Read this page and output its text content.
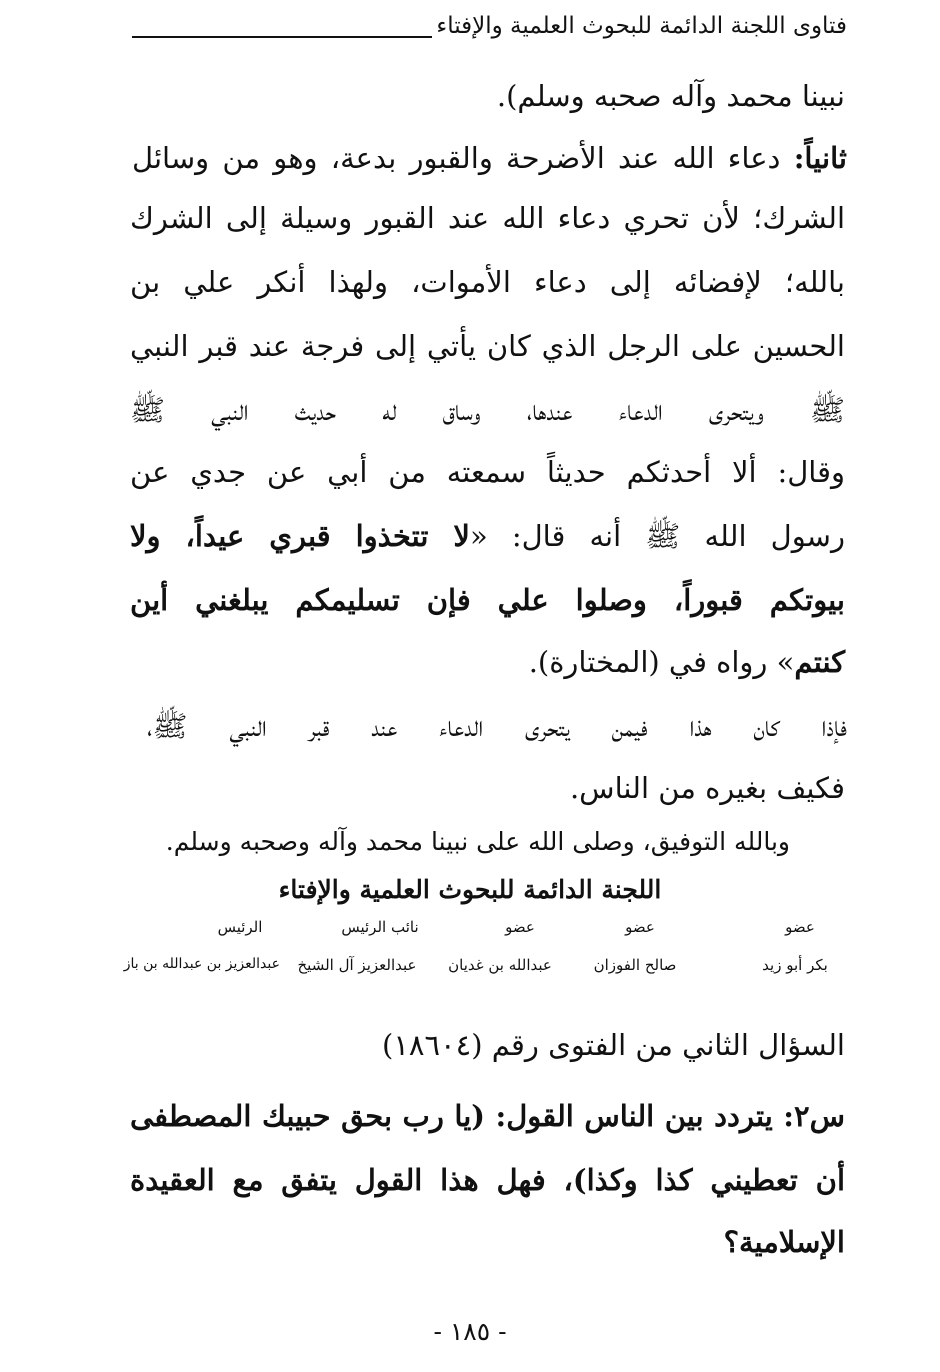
فتاوى اللجنة الدائمة للبحوث العلمية والإفتاء
نبينا محمد وآله صحبه وسلم).
ثانياً: دعاء الله عند الأضرحة والقبور بدعة، وهو من وسائل
الشرك؛ لأن تحري دعاء الله عند القبور وسيلة إلى الشرك
بالله؛ لإفضائه إلى دعاء الأموات، ولهذا أنكر علي بن
الحسين على الرجل الذي كان يأتي إلى فرجة عند قبر النبي
ﷺ ويتحرى الدعاء عندها، وساق له حديث النبي ﷺ
وقال: ألا أحدثكم حديثاً سمعته من أبي عن جدي عن
رسول الله ﷺ أنه قال: «لا تتخذوا قبري عيداً، ولا
بيوتكم قبوراً، وصلوا علي فإن تسليمكم يبلغني أين
كنتم» رواه في (المختارة).
فإذا كان هذا فيمن يتحرى الدعاء عند قبر النبي ﷺ،
فكيف بغيره من الناس.
وبالله التوفيق، وصلى الله على نبينا محمد وآله وصحبه وسلم.
اللجنة الدائمة للبحوث العلمية والإفتاء
عضو
عضو
عضو
نائب الرئيس
الرئيس
بكر أبو زيد
صالح الفوزان
عبدالله بن غديان
عبدالعزيز آل الشيخ
عبدالعزيز بن عبدالله بن باز
السؤال الثاني من الفتوى رقم (١٨٦٠٤)
س٢: يتردد بين الناس القول: (يا رب بحق حبيبك المصطفى
أن تعطيني كذا وكذا)، فهل هذا القول يتفق مع العقيدة
الإسلامية؟
- ١٨٥ -
